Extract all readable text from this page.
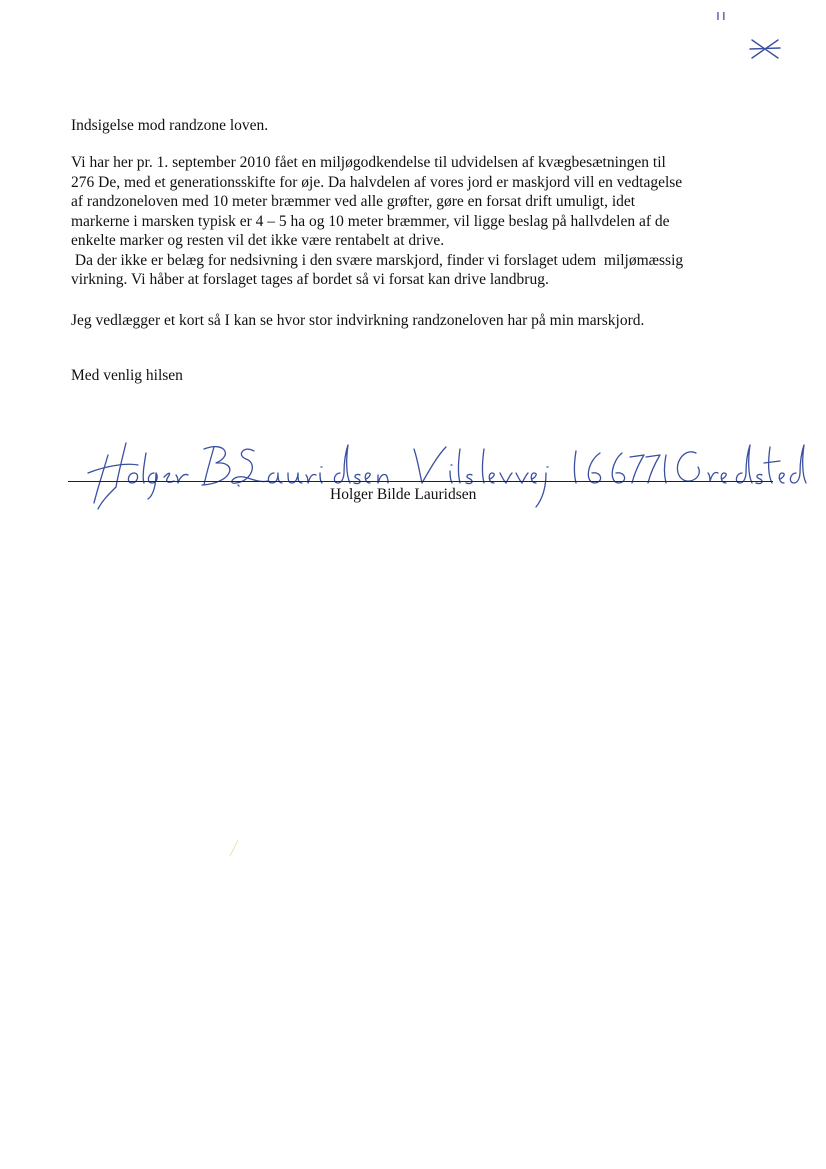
ıı
Indsigelse mod randzone loven.
Vi har her pr. 1. september 2010 fået en miljøgodkendelse til udvidelsen af kvægbesætningen til
276 De, med et generationsskifte for øje. Da halvdelen af vores jord er maskjord vill en vedtagelse
af randzoneloven med 10 meter bræmmer ved alle grøfter, gøre en forsat drift umuligt, idet
markerne i marsken typisk er 4 – 5 ha og 10 meter bræmmer, vil ligge beslag på hallvdelen af de
enkelte marker og resten vil det ikke være rentabelt at drive.
Da der ikke er belæg for nedsivning i den svære marskjord, finder vi forslaget udem  miljømæssig
virkning. Vi håber at forslaget tages af bordet så vi forsat kan drive landbrug.
Jeg vedlægger et kort så I kan se hvor stor indvirkning randzoneloven har på min marskjord.
Med venlig hilsen
Holger Bilde Lauridsen
